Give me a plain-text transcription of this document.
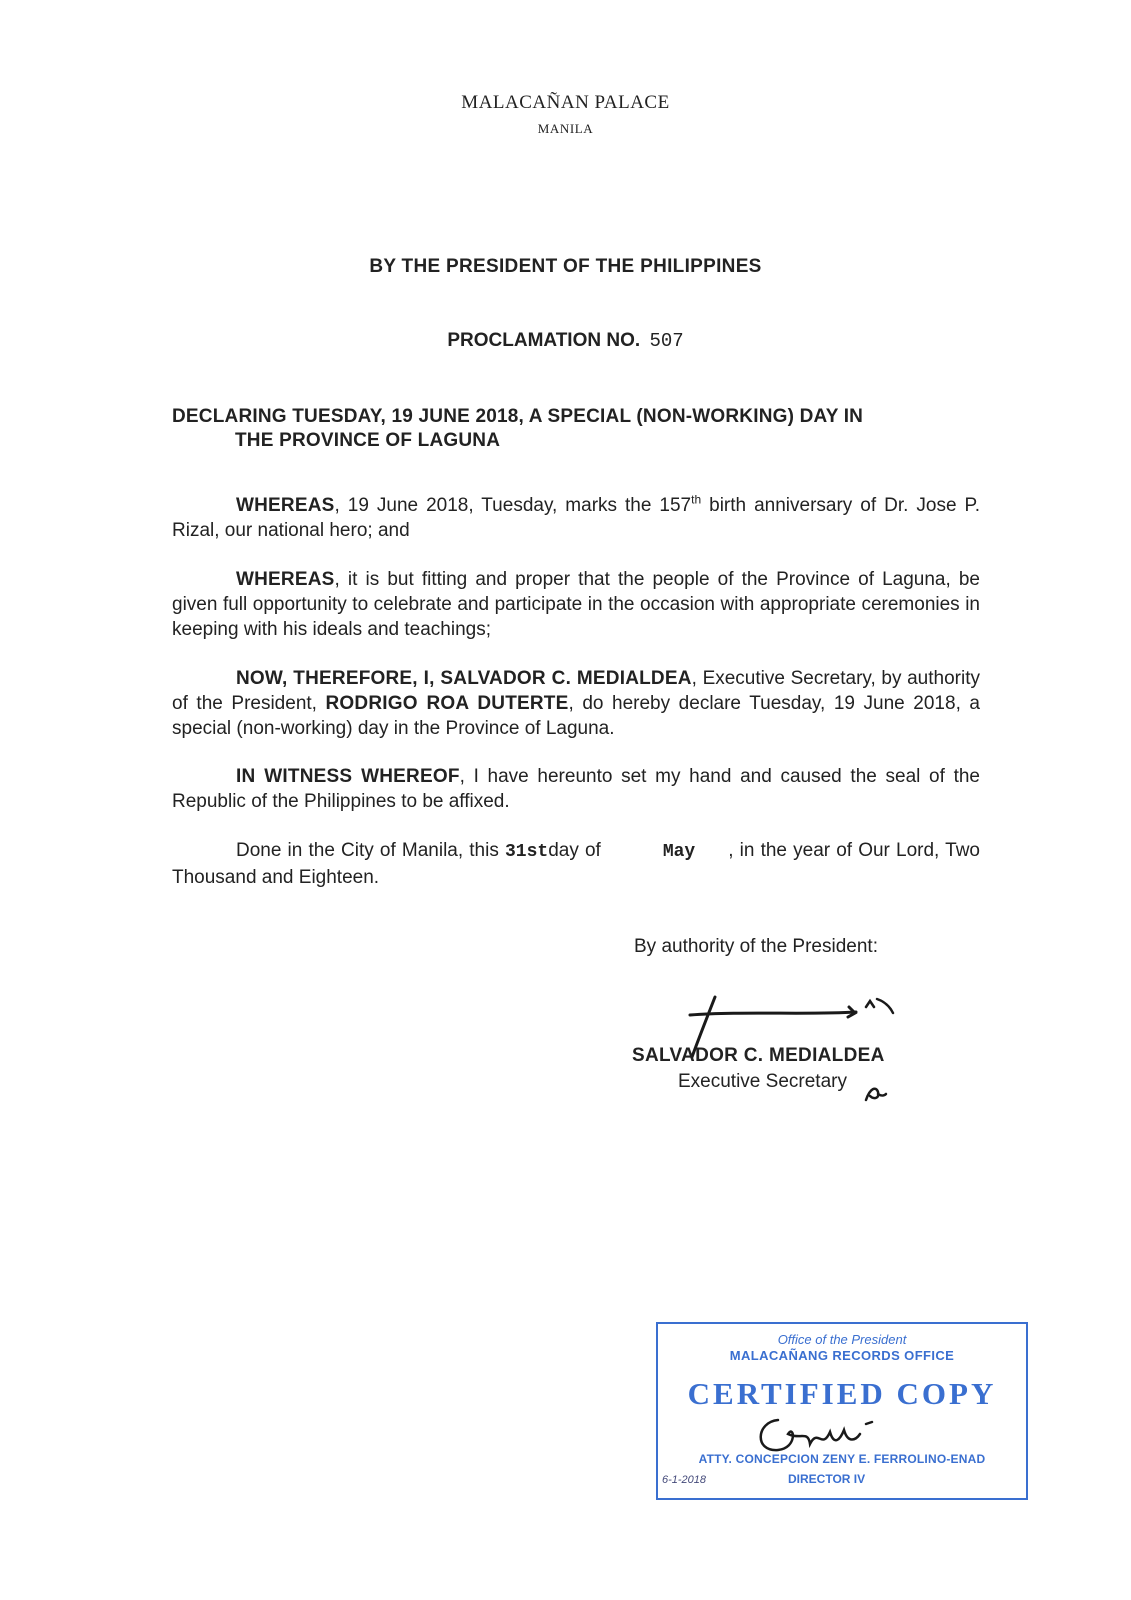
MALACAÑAN PALACE
MANILA
BY THE PRESIDENT OF THE PHILIPPINES
PROCLAMATION NO. 507
DECLARING TUESDAY, 19 JUNE 2018, A SPECIAL (NON-WORKING) DAY IN
THE PROVINCE OF LAGUNA
WHEREAS, 19 June 2018, Tuesday, marks the 157th birth anniversary of Dr. Jose P. Rizal, our national hero; and
WHEREAS, it is but fitting and proper that the people of the Province of Laguna, be given full opportunity to celebrate and participate in the occasion with appropriate ceremonies in keeping with his ideals and teachings;
NOW, THEREFORE, I, SALVADOR C. MEDIALDEA, Executive Secretary, by authority of the President, RODRIGO ROA DUTERTE, do hereby declare Tuesday, 19 June 2018, a special (non-working) day in the Province of Laguna.
IN WITNESS WHEREOF, I have hereunto set my hand and caused the seal of the Republic of the Philippines to be affixed.
Done in the City of Manila, this 31stday of	May , in the year of Our Lord, Two Thousand and Eighteen.
By authority of the President:
SALVADOR C. MEDIALDEA
Executive Secretary
Office of the President
MALACAÑANG RECORDS OFFICE
CERTIFIED COPY
ATTY. CONCEPCION ZENY E. FERROLINO-ENAD
DIRECTOR IV
6-1-2018
